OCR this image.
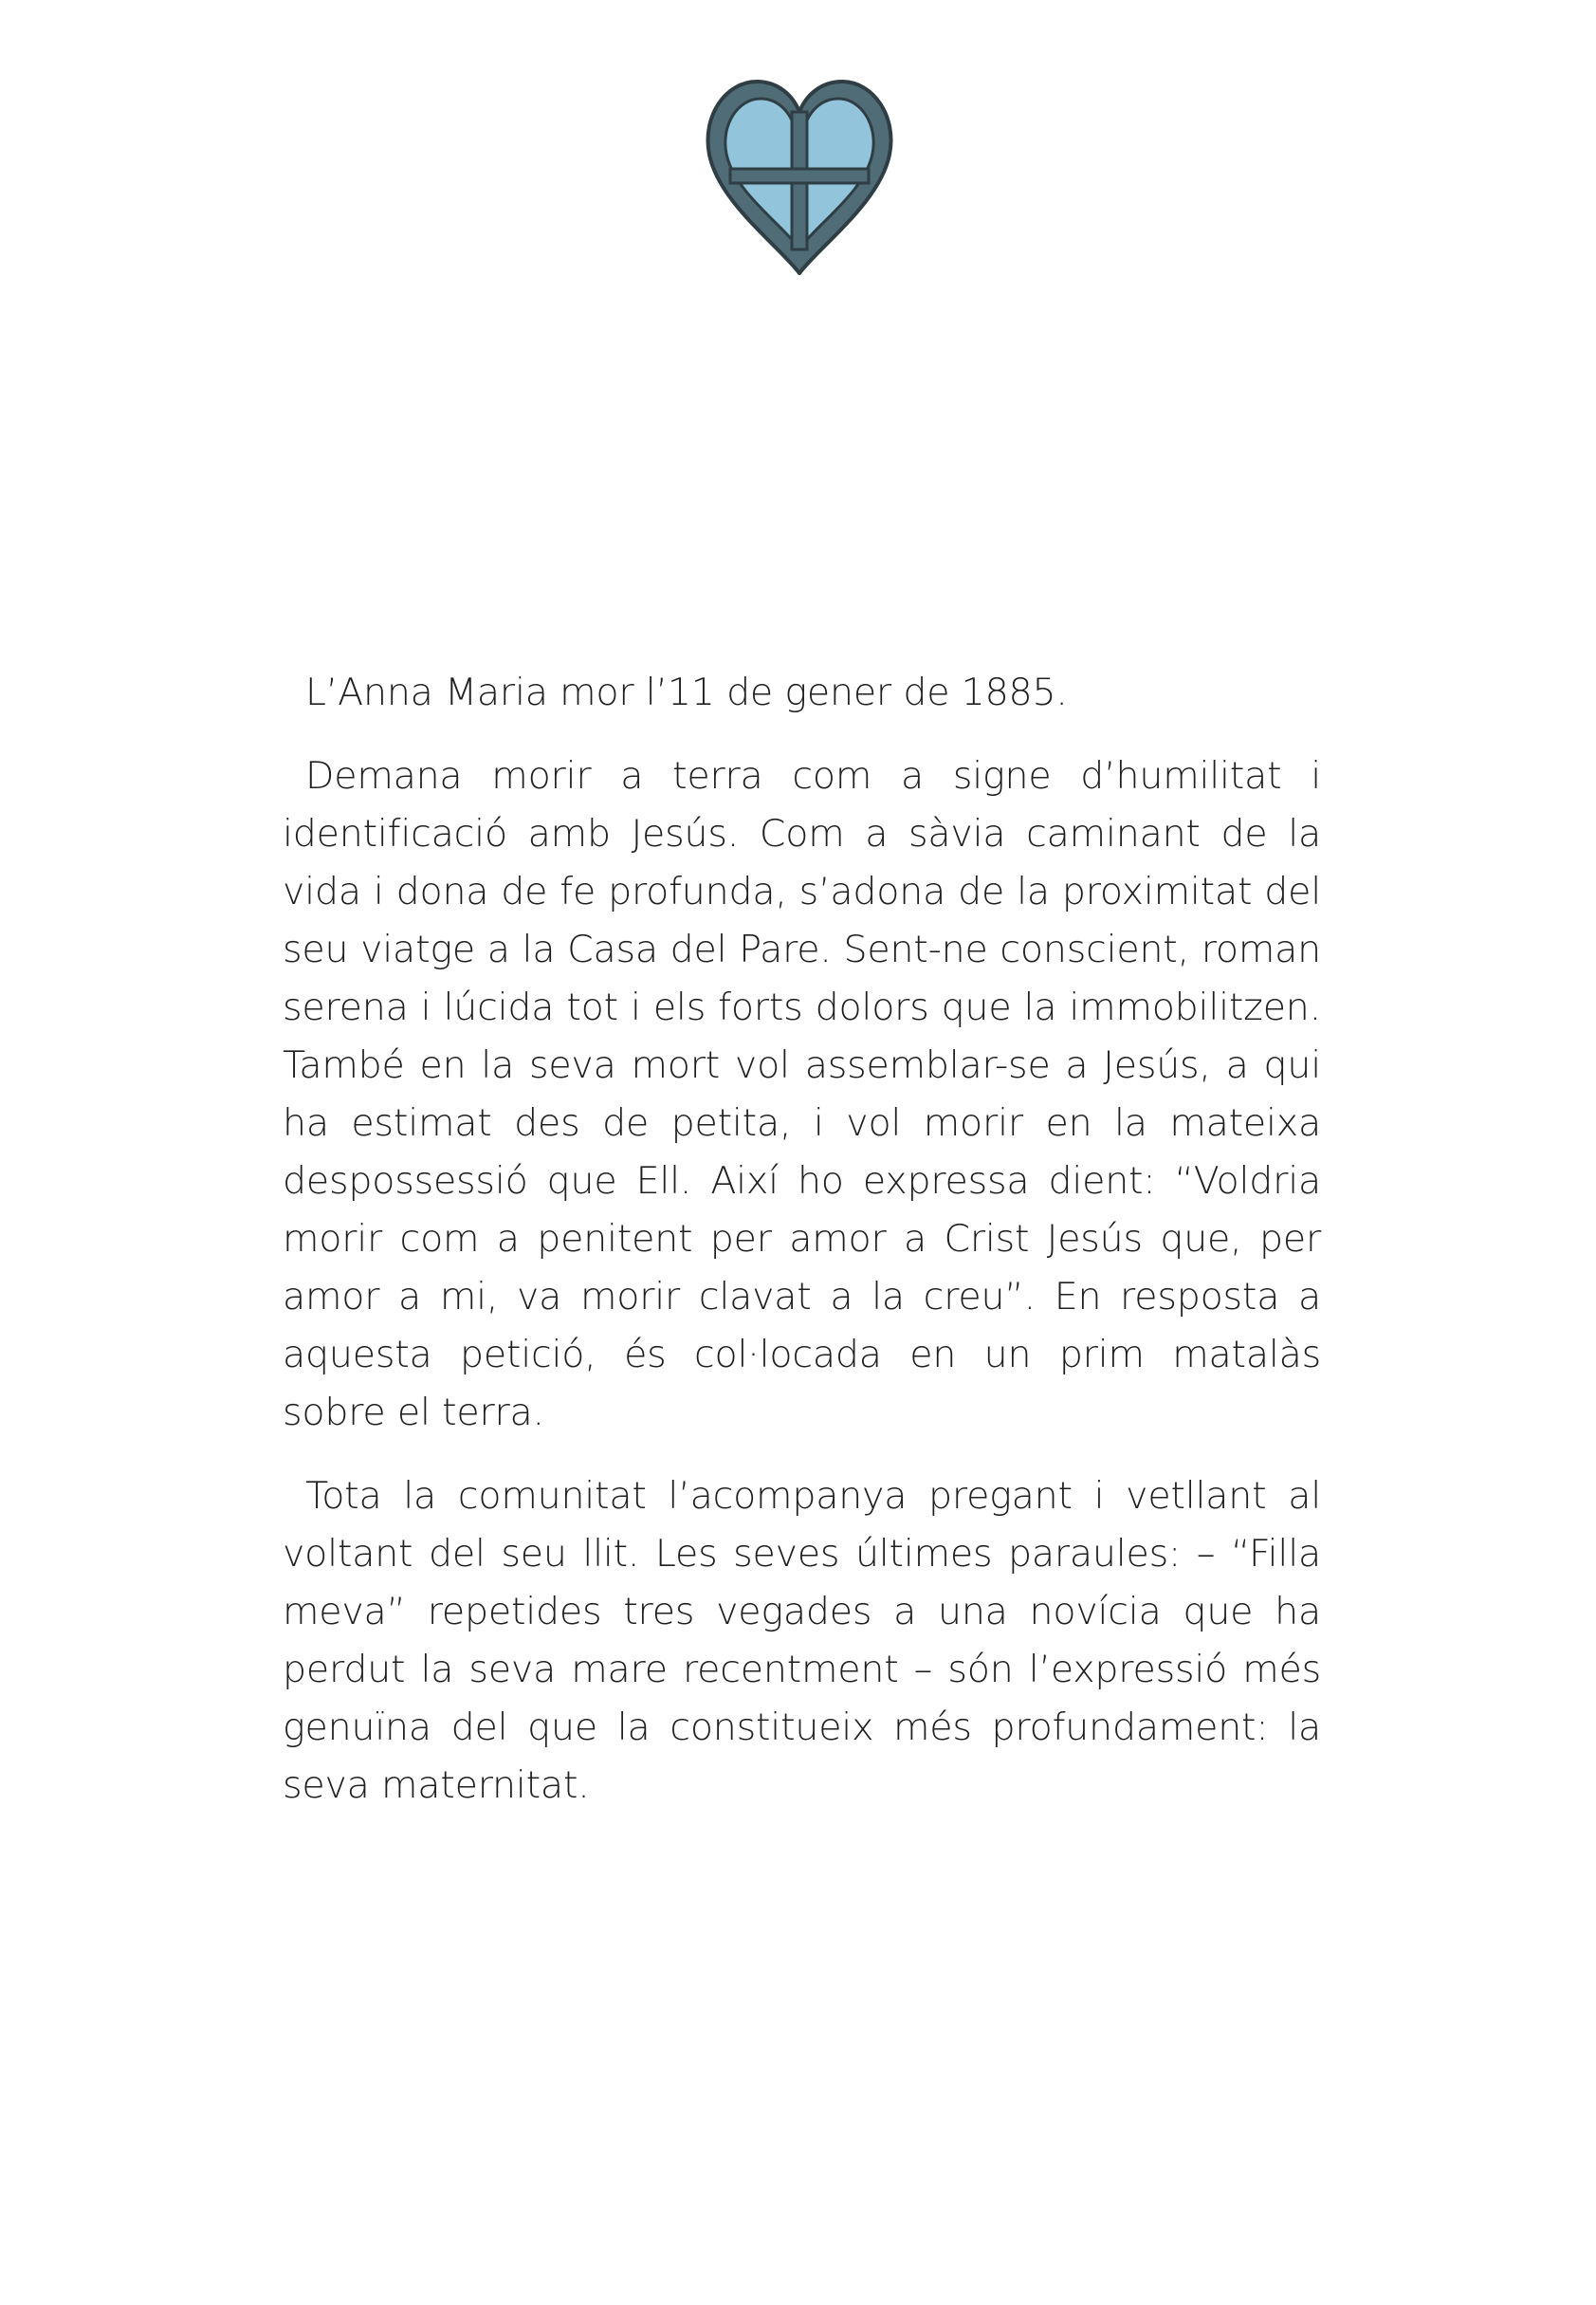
L’Anna Maria mor l’11 de gener de 1885.

Demana morir a terra com a signe d’humilitat i identificació amb Jesús. Com a sàvia caminant de la vida i dona de fe profunda, s’adona de la proximitat del seu viatge a la Casa del Pare. Sent-ne conscient, roman serena i lúcida tot i els forts dolors que la immobilitzen. També en la seva mort vol assemblar-se a Jesús, a qui ha estimat des de petita, i vol morir en la mateixa despossessió que Ell. Així ho expressa dient: “Voldria morir com a penitent per amor a Crist Jesús que, per amor a mi, va morir clavat a la creu”. En resposta a aquesta petició, és col·locada en un prim matalàs sobre el terra.

Tota la comunitat l’acompanya pregant i vetllant al voltant del seu llit. Les seves últimes paraules: – “Filla meva” repetides tres vegades a una novícia que ha perdut la seva mare recentment – són l’expressió més genuïna del que la constitueix més profundament: la seva maternitat.
